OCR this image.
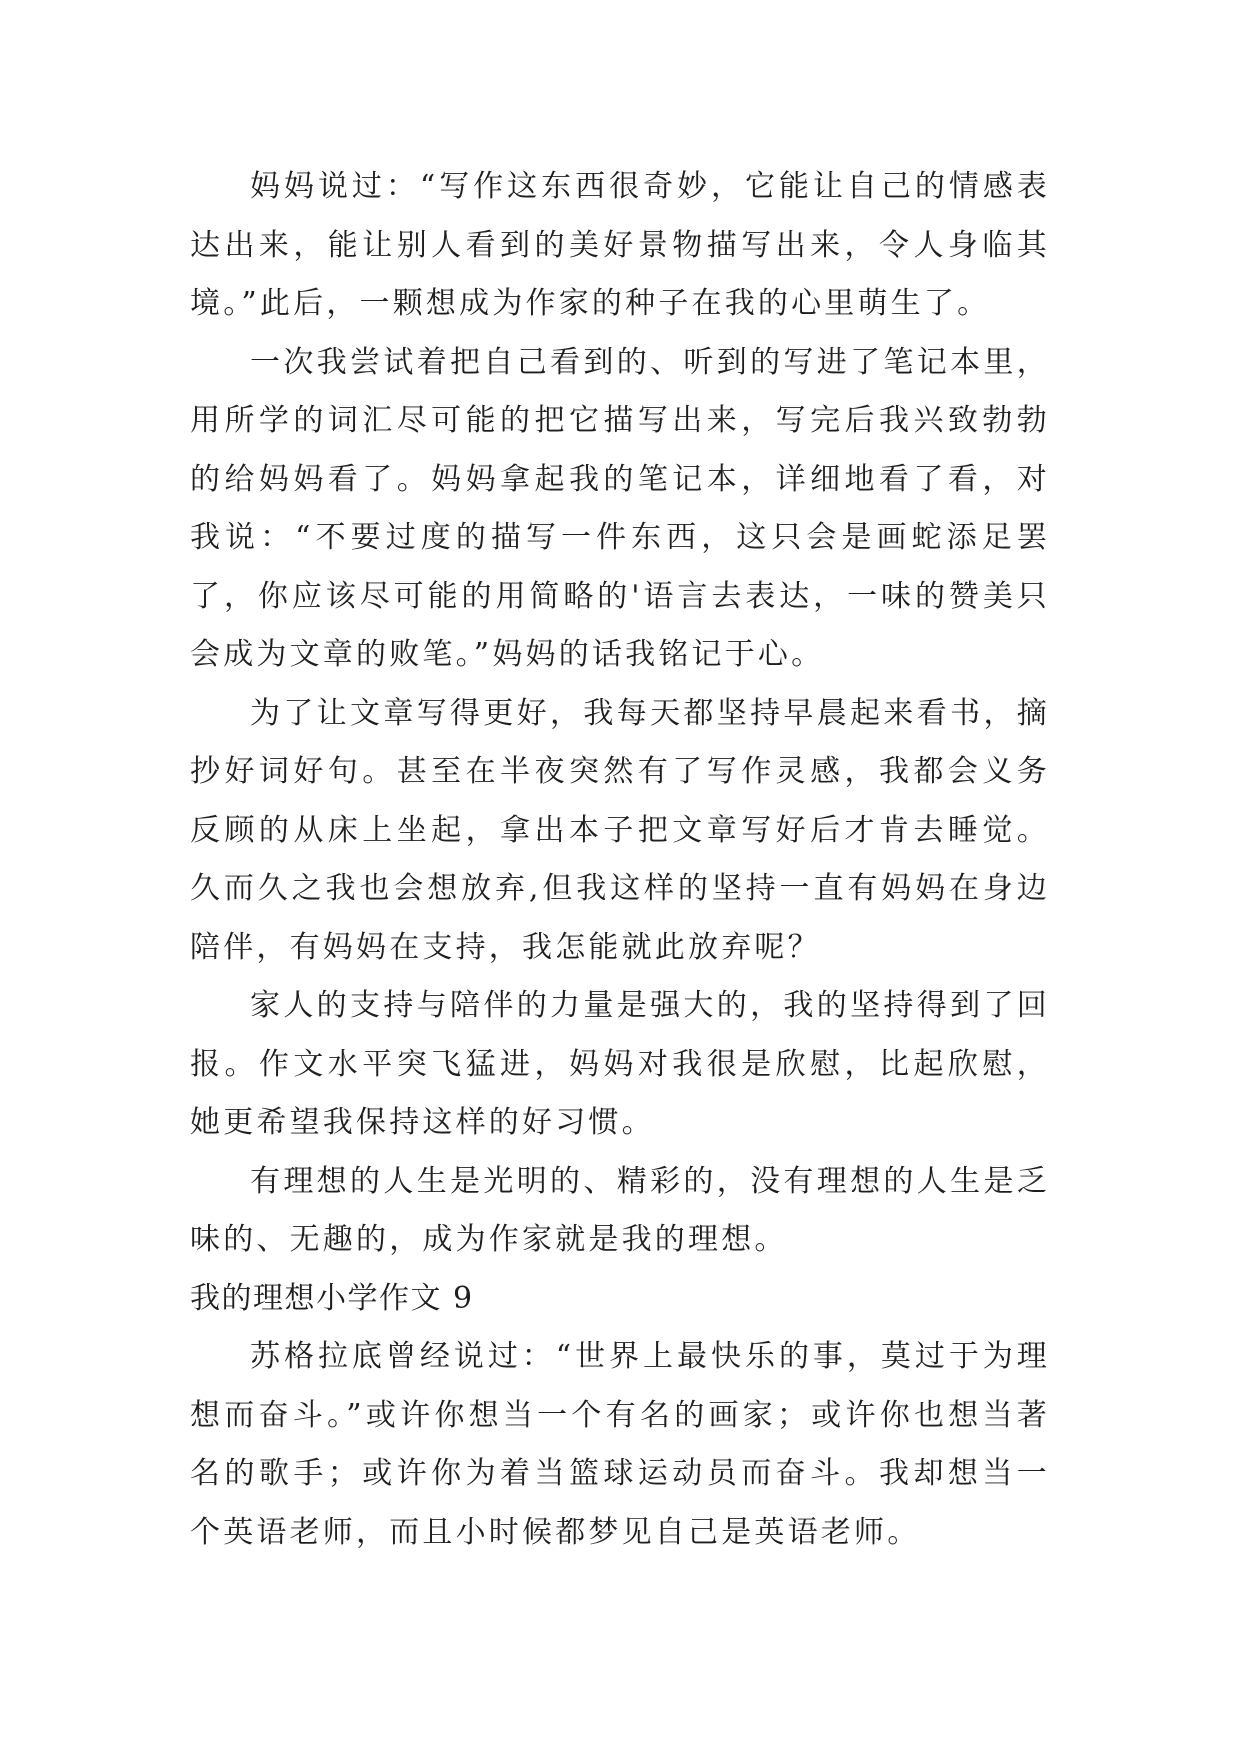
妈妈说过：“写作这东西很奇妙，它能让自己的情感表达出来，能让别人看到的美好景物描写出来，令人身临其境。”此后，一颗想成为作家的种子在我的心里萌生了。

一次我尝试着把自己看到的、听到的写进了笔记本里，用所学的词汇尽可能的把它描写出来，写完后我兴致勃勃的给妈妈看了。妈妈拿起我的笔记本，详细地看了看，对我说：“不要过度的描写一件东西，这只会是画蛇添足罢了，你应该尽可能的用简略的'语言去表达，一味的赞美只会成为文章的败笔。”妈妈的话我铭记于心。

为了让文章写得更好，我每天都坚持早晨起来看书，摘抄好词好句。甚至在半夜突然有了写作灵感，我都会义务反顾的从床上坐起，拿出本子把文章写好后才肯去睡觉。久而久之我也会想放弃,但我这样的坚持一直有妈妈在身边陪伴，有妈妈在支持，我怎能就此放弃呢？

家人的支持与陪伴的力量是强大的，我的坚持得到了回报。作文水平突飞猛进，妈妈对我很是欣慰，比起欣慰，她更希望我保持这样的好习惯。

有理想的人生是光明的、精彩的，没有理想的人生是乏味的、无趣的，成为作家就是我的理想。

我的理想小学作文 9

苏格拉底曾经说过：“世界上最快乐的事，莫过于为理想而奋斗。”或许你想当一个有名的画家；或许你也想当著名的歌手；或许你为着当篮球运动员而奋斗。我却想当一个英语老师，而且小时候都梦见自己是英语老师。
